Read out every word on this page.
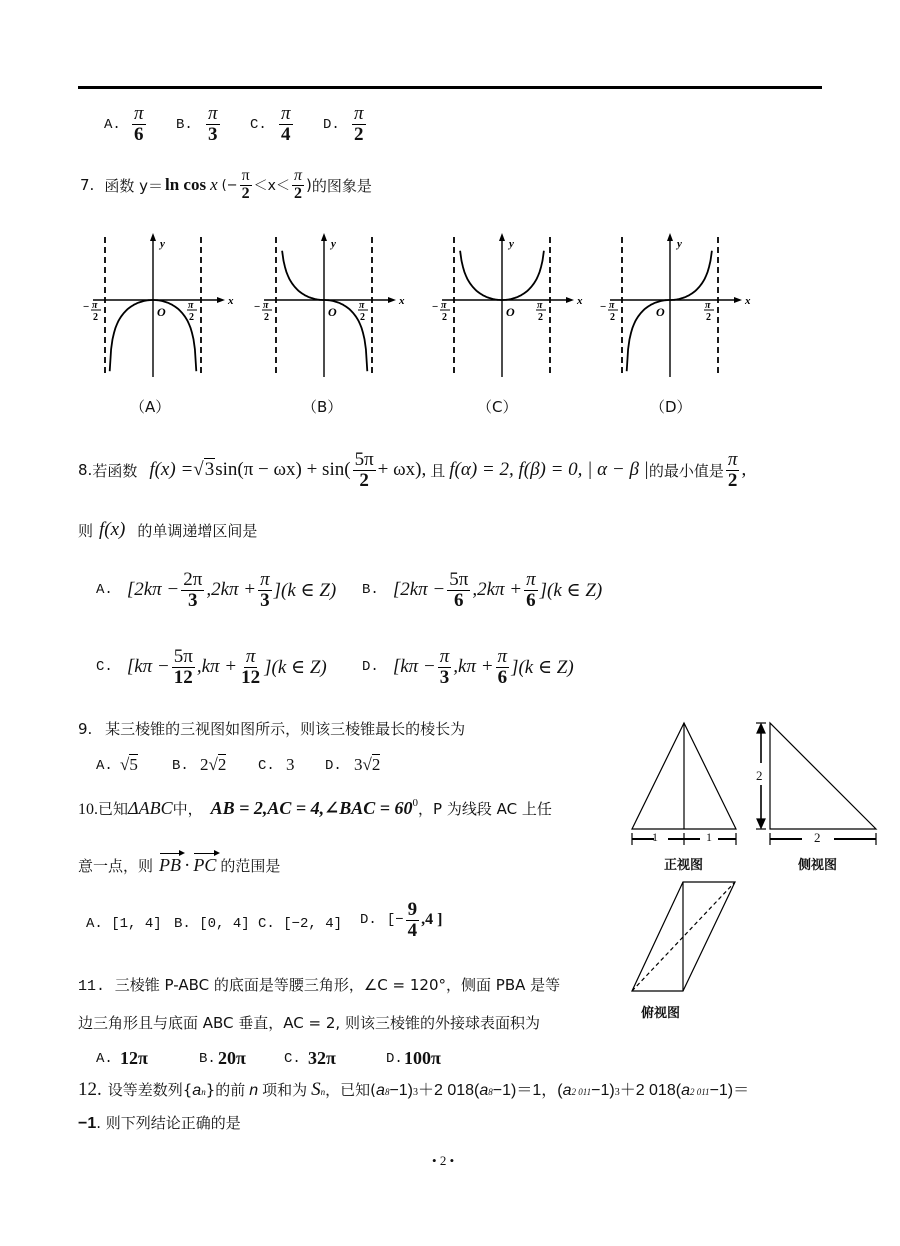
A. $\frac{\pi}{6} B$. $\frac{\pi}{3} C$. $\frac{\pi}{4} D$. $\frac{\pi}{2}$
7. 函数 y＝ ln cos x (− $\frac{\pi}{2} <x< \frac{\pi}{2}$ ) 的图象是
y
x
O
− π
2
π
2
y
x
O
− π
2
π
2
y
x
O
− π
2
π
2
y
x
O
− π
2
π
2
（A）	（B）	（C）	（D）
8. 若函数 f(x) = √3 $\sin(\pi - \omega x) + \sin( \frac{5\pi}{2} + \omega x)$, 且 f(α) = 2, f(β) = 0, | α − β | 的最小值是 $\frac{\pi}{2}$ ,
则 f(x) 的单调递增区间是
A. $[2k\pi - \frac{2\pi}{3} ,2k\pi + \frac{\pi}{3} ](k$ ∈ Z) B. $[2k\pi - \frac{5\pi}{6} ,2k\pi + \frac{\pi}{6} ](k$ ∈ Z)
C. $[k\pi - \frac{5\pi}{12} ,k\pi + \frac{\pi}{12} ](k$ ∈ Z)	D. $[k\pi - \frac{\pi}{3} ,k\pi + \frac{\pi}{6} ](k$ ∈ Z)
9. 某三棱锥的三视图如图所示，则该三棱锥最长的棱长为
A. √5 B. 2√2 C. 3 D. 3√2
1	1
2
2
正视图	侧视图
俯视图
10. 已知 ΔABC 中， AB = 2,AC = 4,∠BAC = 60 0 ，P 为线段 AC 上任
意一点，则 PB · PC 的范围是
A. [1, 4] B. [0, 4] C. [−2, 4] D. [− $\frac{9}{4} ,4$ ]
11. 三棱锥 P-ABC 的底面是等腰三角形，∠C = 120°，侧面 PBA 是等
边三角形且与底面 ABC 垂直，AC = 2, 则该三棱锥的外接球表面积为
A. 12π	B. 20π	C. 32π	D. 100π
12. 设等差数列{ a n }的前 n 项和为 S n ，已知( a 8 −1) 3 ＋2 018( a 8 −1)＝1，( a 2 011 −1) 3 ＋2 018( a 2 011 −1)＝
−1 . 则下列结论正确的是
• 2 •
